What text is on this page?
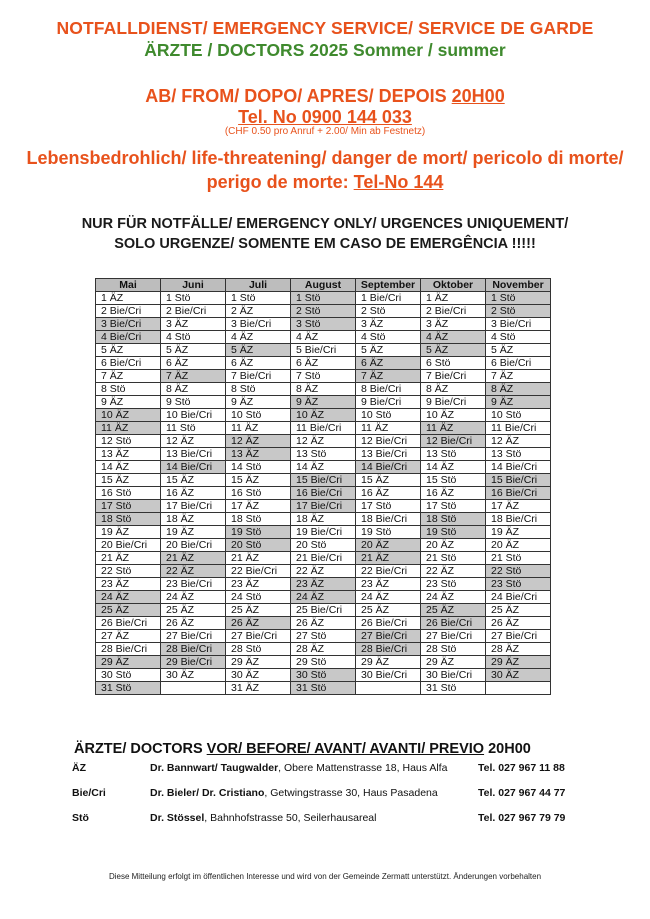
NOTFALLDIENST/ EMERGENCY SERVICE/ SERVICE DE GARDE
ÄRZTE / DOCTORS 2025 Sommer / summer
AB/ FROM/ DOPO/ APRES/ DEPOIS 20H00
Tel. No 0900 144 033
(CHF 0.50 pro Anruf + 2.00/ Min ab Festnetz)
Lebensbedrohlich/ life-threatening/ danger de mort/ pericolo di morte/
perigo de morte: Tel-No 144
NUR FÜR NOTFÄLLE/ EMERGENCY ONLY/ URGENCES UNIQUEMENT/
SOLO URGENZE/ SOMENTE EM CASO DE EMERGÊNCIA !!!!!
Mai	Juni	Juli	August	September	Oktober	November
1 ÄZ	1 Stö	1 Stö	1 Stö	1 Bie/Cri	1 ÄZ	1 Stö
2 Bie/Cri	2 Bie/Cri	2 ÄZ	2 Stö	2 Stö	2 Bie/Cri	2 Stö
3 Bie/Cri	3 ÄZ	3 Bie/Cri	3 Stö	3 ÄZ	3 ÄZ	3 Bie/Cri
4 Bie/Cri	4 Stö	4 ÄZ	4 ÄZ	4 Stö	4 ÄZ	4 Stö
5 ÄZ	5 ÄZ	5 ÄZ	5 Bie/Cri	5 ÄZ	5 ÄZ	5 ÄZ
6 Bie/Cri	6 ÄZ	6 ÄZ	6 ÄZ	6 ÄZ	6 Stö	6 Bie/Cri
7 ÄZ	7 ÄZ	7 Bie/Cri	7 Stö	7 ÄZ	7 Bie/Cri	7 ÄZ
8 Stö	8 ÄZ	8 Stö	8 ÄZ	8 Bie/Cri	8 ÄZ	8 ÄZ
9 ÄZ	9 Stö	9 ÄZ	9 ÄZ	9 Bie/Cri	9 Bie/Cri	9 ÄZ
10 ÄZ	10 Bie/Cri	10 Stö	10 ÄZ	10 Stö	10 ÄZ	10 Stö
11 ÄZ	11 Stö	11 ÄZ	11 Bie/Cri	11 ÄZ	11 ÄZ	11 Bie/Cri
12 Stö	12 ÄZ	12 ÄZ	12 ÄZ	12 Bie/Cri	12 Bie/Cri	12 ÄZ
13 ÄZ	13 Bie/Cri	13 ÄZ	13 Stö	13 Bie/Cri	13 Stö	13 Stö
14 ÄZ	14 Bie/Cri	14 Stö	14 ÄZ	14 Bie/Cri	14 ÄZ	14 Bie/Cri
15 ÄZ	15 ÄZ	15 ÄZ	15 Bie/Cri	15 ÄZ	15 Stö	15 Bie/Cri
16 Stö	16 ÄZ	16 Stö	16 Bie/Cri	16 ÄZ	16 ÄZ	16 Bie/Cri
17 Stö	17 Bie/Cri	17 ÄZ	17 Bie/Cri	17 Stö	17 Stö	17 ÄZ
18 Stö	18 ÄZ	18 Stö	18 ÄZ	18 Bie/Cri	18 Stö	18 Bie/Cri
19 ÄZ	19 ÄZ	19 Stö	19 Bie/Cri	19 Stö	19 Stö	19 ÄZ
20 Bie/Cri	20 Bie/Cri	20 Stö	20 Stö	20 ÄZ	20 ÄZ	20 ÄZ
21 ÄZ	21 ÄZ	21 ÄZ	21 Bie/Cri	21 ÄZ	21 Stö	21 Stö
22 Stö	22 ÄZ	22 Bie/Cri	22 ÄZ	22 Bie/Cri	22 ÄZ	22 Stö
23 ÄZ	23 Bie/Cri	23 ÄZ	23 ÄZ	23 ÄZ	23 Stö	23 Stö
24 ÄZ	24 ÄZ	24 Stö	24 ÄZ	24 ÄZ	24 ÄZ	24 Bie/Cri
25 ÄZ	25 ÄZ	25 ÄZ	25 Bie/Cri	25 ÄZ	25 ÄZ	25 ÄZ
26 Bie/Cri	26 ÄZ	26 ÄZ	26 ÄZ	26 Bie/Cri	26 Bie/Cri	26 ÄZ
27 ÄZ	27 Bie/Cri	27 Bie/Cri	27 Stö	27 Bie/Cri	27 Bie/Cri	27 Bie/Cri
28 Bie/Cri	28 Bie/Cri	28 Stö	28 ÄZ	28 Bie/Cri	28 Stö	28 ÄZ
29 ÄZ	29 Bie/Cri	29 ÄZ	29 Stö	29 ÄZ	29 ÄZ	29 ÄZ
30 Stö	30 ÄZ	30 ÄZ	30 Stö	30 Bie/Cri	30 Bie/Cri	30 ÄZ
31 Stö		31 ÄZ	31 Stö		31 Stö	
ÄRZTE/ DOCTORS VOR/ BEFORE/ AVANT/ AVANTI/ PREVIO 20H00
ÄZ	Dr. Bannwart/ Taugwalder, Obere Mattenstrasse 18, Haus Alfa	Tel. 027 967 11 88
Bie/Cri	Dr. Bieler/ Dr. Cristiano, Getwingstrasse 30, Haus Pasadena	Tel. 027 967 44 77
Stö	Dr. Stössel, Bahnhofstrasse 50, Seilerhausareal	Tel. 027 967 79 79
Diese Mitteilung erfolgt im öffentlichen Interesse und wird von der Gemeinde Zermatt unterstützt. Änderungen vorbehalten
